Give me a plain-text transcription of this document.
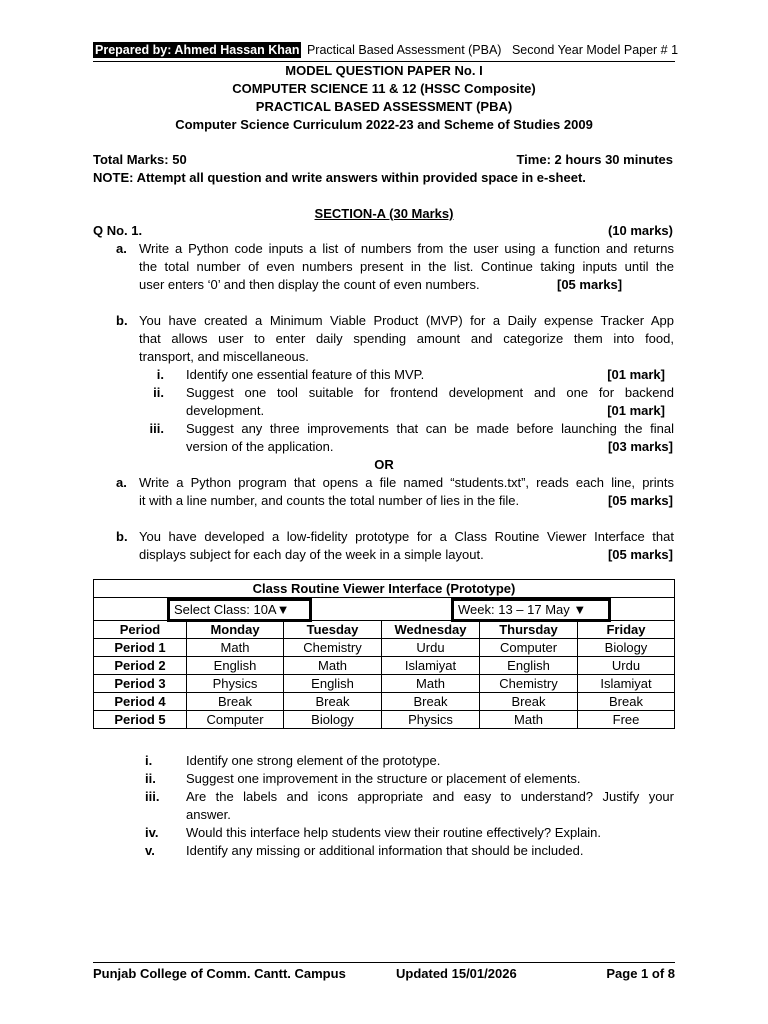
Prepared by: Ahmed Hassan Khan Practical Based Assessment (PBA) Second Year Model Paper # 1
MODEL QUESTION PAPER No. I
COMPUTER SCIENCE 11 & 12 (HSSC Composite)
PRACTICAL BASED ASSESSMENT (PBA)
Computer Science Curriculum 2022-23 and Scheme of Studies 2009
Total Marks: 50	Time: 2 hours 30 minutes
NOTE: Attempt all question and write answers within provided space in e-sheet.
SECTION-A (30 Marks)
Q No. 1.	(10 marks)
a. Write a Python code inputs a list of numbers from the user using a function and returns
the total number of even numbers present in the list. Continue taking inputs until the
user enters ‘0’ and then display the count of even numbers.	[05 marks]
b. You have created a Minimum Viable Product (MVP) for a Daily expense Tracker App
that allows user to enter daily spending amount and categorize them into food,
transport, and miscellaneous.
i. Identify one essential feature of this MVP.	[01 mark]
ii. Suggest one tool suitable for frontend development and one for backend
development.	[01 mark]
iii. Suggest any three improvements that can be made before launching the final
version of the application.	[03 marks]
OR
a. Write a Python program that opens a file named “students.txt”, reads each line, prints
it with a line number, and counts the total number of lies in the file.	[05 marks]
b. You have developed a low-fidelity prototype for a Class Routine Viewer Interface that
displays subject for each day of the week in a simple layout.	[05 marks]
Class Routine Viewer Interface (Prototype)					

Period	Monday	Tuesday	Wednesday	Thursday	Friday
Period 1	Math	Chemistry	Urdu	Computer	Biology
Period 2	English	Math	Islamiyat	English	Urdu
Period 3	Physics	English	Math	Chemistry	Islamiyat
Period 4	Break	Break	Break	Break	Break
Period 5	Computer	Biology	Physics	Math	Free
Select Class: 10A▼	Week: 13 – 17 May ▼
i.	Identify one strong element of the prototype.
ii. Suggest one improvement in the structure or placement of elements.
iii. Are the labels and icons appropriate and easy to understand? Justify your
answer.
iv. Would this interface help students view their routine effectively? Explain.
v. Identify any missing or additional information that should be included.
Punjab College of Comm. Cantt. Campus	Updated 15/01/2026	Page 1 of 8
